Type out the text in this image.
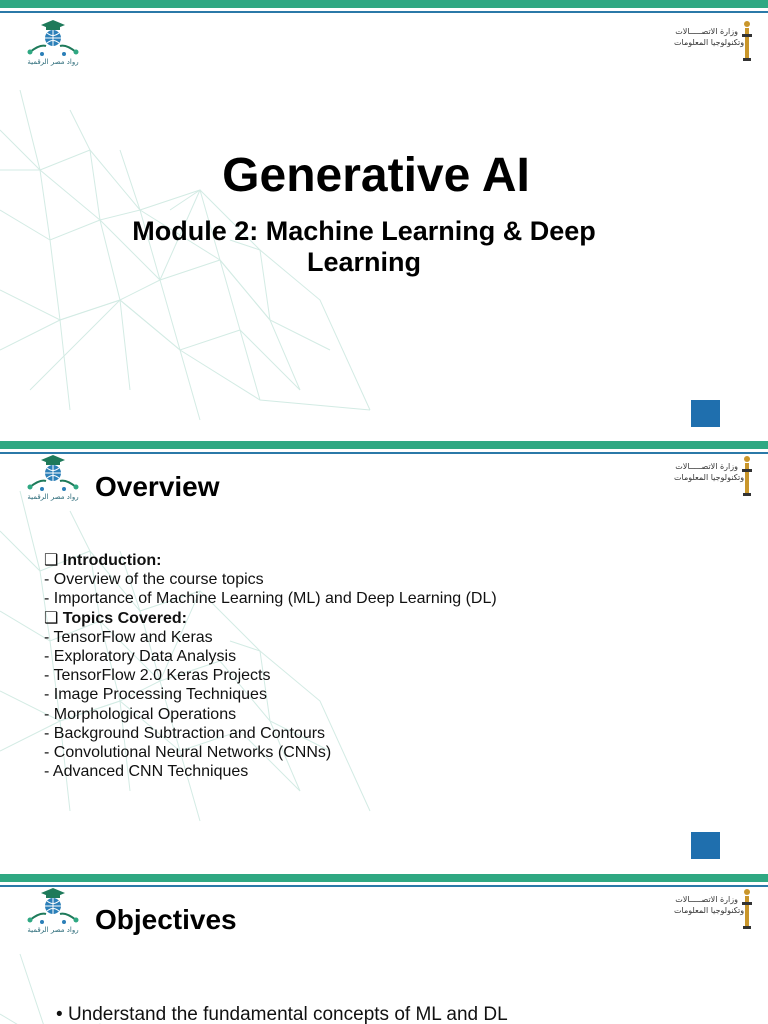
رواد مصر الرقمية
وزارة الاتصـــــالات
وتكنولوجيا المعلومات
Generative AI
Module 2: Machine Learning & Deep Learning
رواد مصر الرقمية
وزارة الاتصـــــالات
وتكنولوجيا المعلومات
Overview
❑ Introduction:
- Overview of the course topics
- Importance of Machine Learning (ML) and Deep Learning (DL)
❑ Topics Covered:
- TensorFlow and Keras
- Exploratory Data Analysis
- TensorFlow 2.0 Keras Projects
- Image Processing Techniques
- Morphological Operations
- Background Subtraction and Contours
- Convolutional Neural Networks (CNNs)
- Advanced CNN Techniques
رواد مصر الرقمية
وزارة الاتصـــــالات
وتكنولوجيا المعلومات
Objectives
• Understand the fundamental concepts of ML and DL
